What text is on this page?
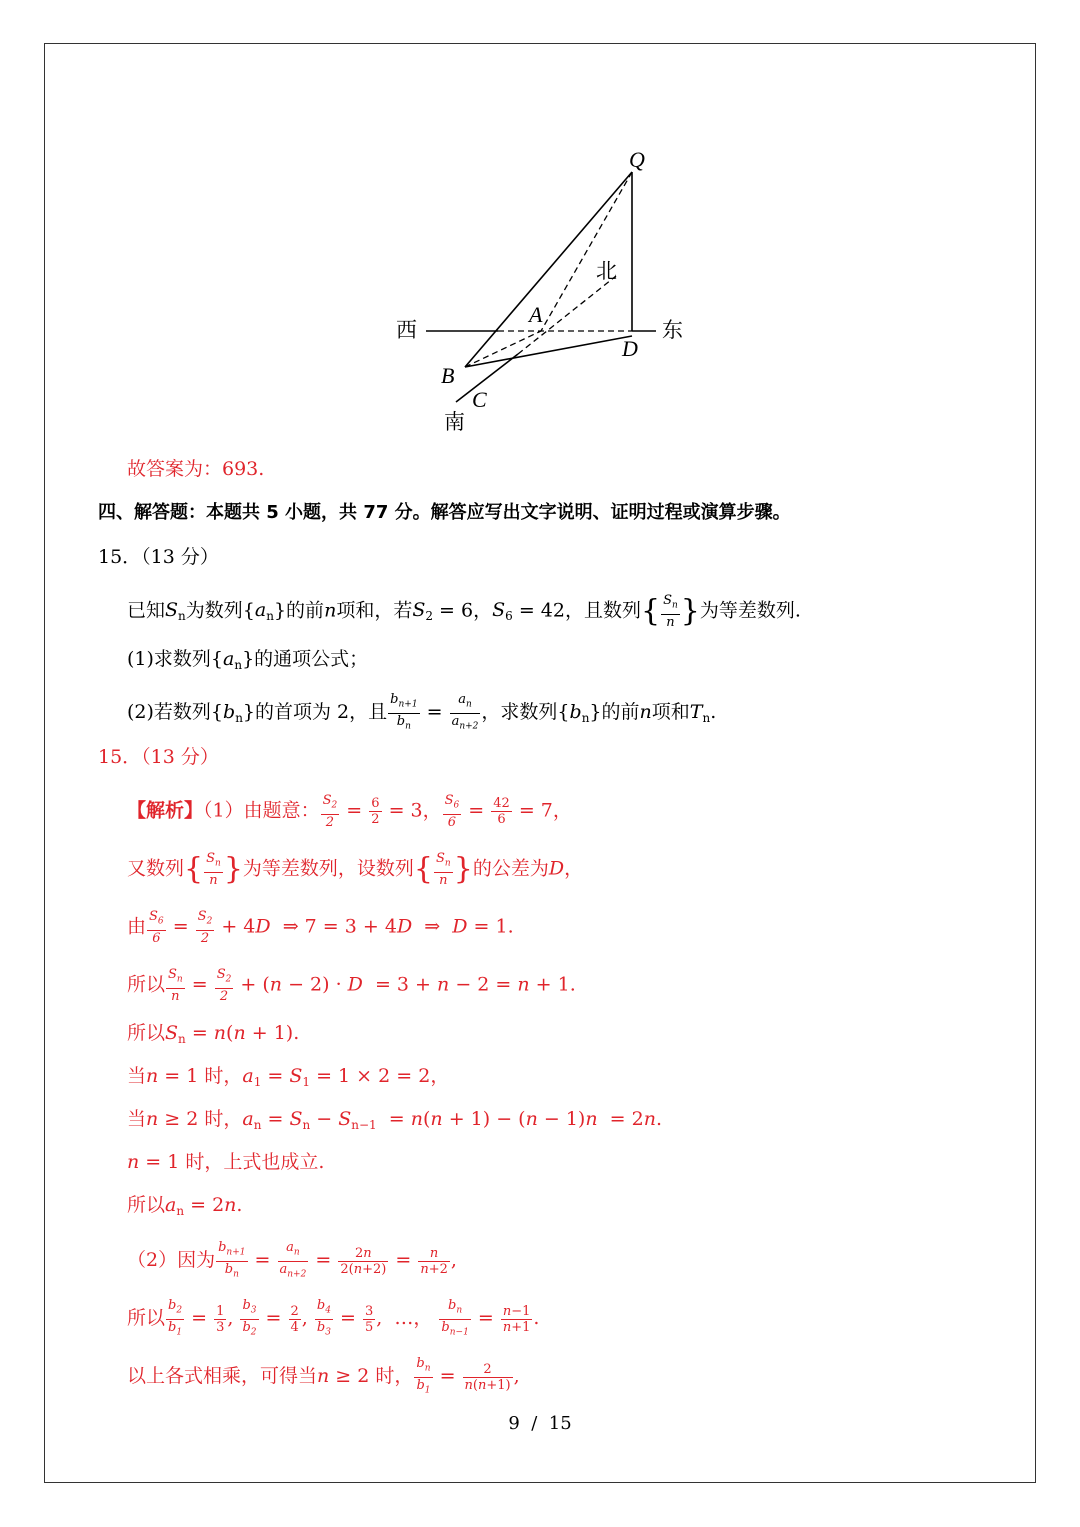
Q
北
A
西	东
D
B
C
南
故答案为：693.
四、解答题：本题共 5 小题，共 77 分。解答应写出文字说明、证明过程或演算步骤。
15．（13 分）
已知$S_n$为数列$\{a_n\}$的前n项和，若$S_2 = 6$，$S_6 = 42$，且数列{ $\frac{S_n}{n}$ }为等差数列.
(1)求数列$\{a_n\}$的通项公式；
(2)若数列$\{b_n\}$的首项为 2，且 $\frac{b_{n+1}}{b_n} = \frac{a_n}{a_{n+2}}$ ，求数列$\{b_n\}$的前n项和$T_n$.
15．（13 分）
【解析】（1）由题意： $\frac{S_2}{2} = \frac{6}{2} = 3$， $\frac{S_6}{6} = \frac{42}{6} = 7$，
又数列{ $\frac{S_n}{n}$ }为等差数列，设数列{ $\frac{S_n}{n}$ }的公差为D，
由 $\frac{S_6}{6} = \frac{S_2}{2} + 4D$  ⇒ 7 = 3 + 4D  ⇒  D = 1.
所以 $\frac{S_n}{n} = \frac{S_2}{2} + (n - 2) \cdot D = 3 + n - 2 = n + 1$.
所以$S_n = n(n + 1)$.
当n = 1 时，$a_1 = S_1 = 1 \times 2 = 2$，
当n ≥ 2 时，$a_n = S_n - S_{n-1} = n(n + 1) - (n - 1)n = 2n$.
n = 1 时，上式也成立.
所以$a_n = 2n$.
（2）因为 $\frac{b_{n+1}}{b_n} = \frac{a_n}{a_{n+2}} = \frac{2n}{2(n+2)} = \frac{n}{n+2}$ ,
所以 $\frac{b_2}{b_1} = \frac{1}{3}$ , $\frac{b_3}{b_2} = \frac{2}{4}$ , $\frac{b_4}{b_3} = \frac{3}{5}$ ,  …， $\frac{b_n}{b_{n-1}} = \frac{n-1}{n+1}$ .
以上各式相乘，可得当n ≥ 2 时， $\frac{b_n}{b_1} = \frac{2}{n(n+1)}$ ,
9 / 15
